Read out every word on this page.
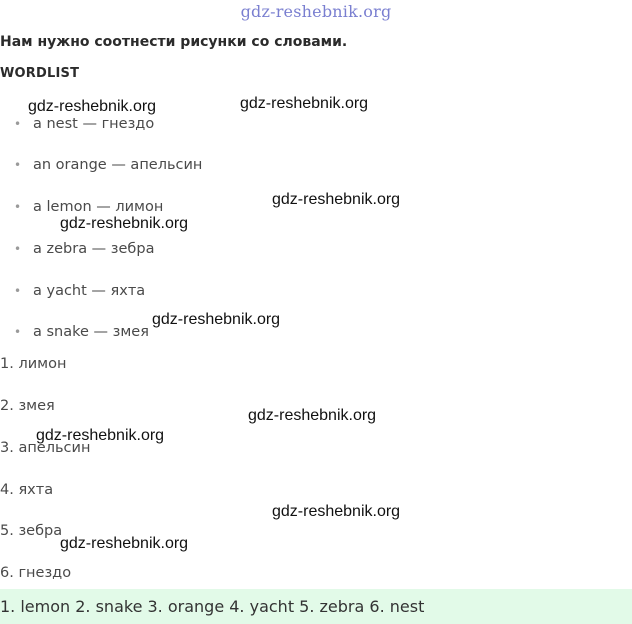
gdz-reshebnik.org
Нам нужно соотнести рисунки со словами.
WORDLIST
• a nest — гнездо
• an orange — апельсин
• a lemon — лимон
• a zebra — зебра
• a yacht — яхта
• a snake — змея
1. лимон
2. змея
3. апельсин
4. яхта
5. зебра
6. гнездо
1. lemon 2. snake 3. orange 4. yacht 5. zebra 6. nest
gdz-reshebnik.org	gdz-reshebnik.org
gdz-reshebnik.org
gdz-reshebnik.org
gdz-reshebnik.org
gdz-reshebnik.org
gdz-reshebnik.org
gdz-reshebnik.org
gdz-reshebnik.org
